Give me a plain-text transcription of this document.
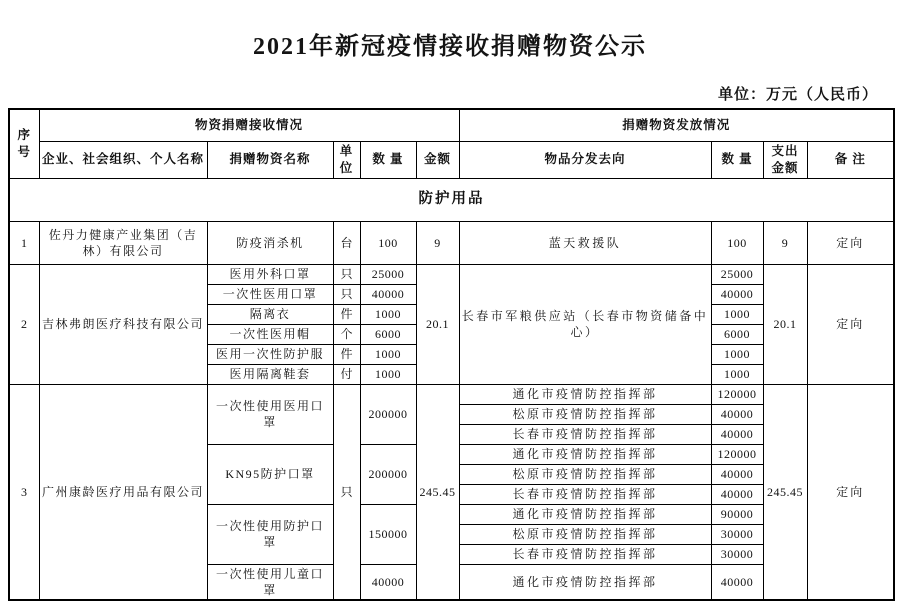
2021年新冠疫情接收捐赠物资公示
单位：万元（人民币）
序号	物资捐赠接收情况					捐赠物资发放情况			
	企业、社会组织、个人名称	捐赠物资名称	单位	数 量	金额	物品分发去向	数 量	支出金额	备 注
防护用品									
1	佐丹力健康产业集团（吉林）有限公司	防疫消杀机	台	100	9	蓝天救援队	100	9	定向
2	吉林弗朗医疗科技有限公司	医用外科口罩	只	25000	20.1	长春市军粮供应站（长春市物资储备中心）	25000	20.1	定向
		一次性医用口罩	只	40000			40000		
		隔离衣	件	1000			1000		
		一次性医用帽	个	6000			6000		
		医用一次性防护服	件	1000			1000		
		医用隔离鞋套	付	1000			1000		
3	广州康龄医疗用品有限公司	一次性使用医用口罩	只	200000	245.45	通化市疫情防控指挥部	120000	245.45	定向
						松原市疫情防控指挥部	40000		
						长春市疫情防控指挥部	40000		
		KN95防护口罩		200000		通化市疫情防控指挥部	120000		
						松原市疫情防控指挥部	40000		
						长春市疫情防控指挥部	40000		
		一次性使用防护口罩		150000		通化市疫情防控指挥部	90000		
						松原市疫情防控指挥部	30000		
						长春市疫情防控指挥部	30000		
		一次性使用儿童口罩		40000		通化市疫情防控指挥部	40000		
